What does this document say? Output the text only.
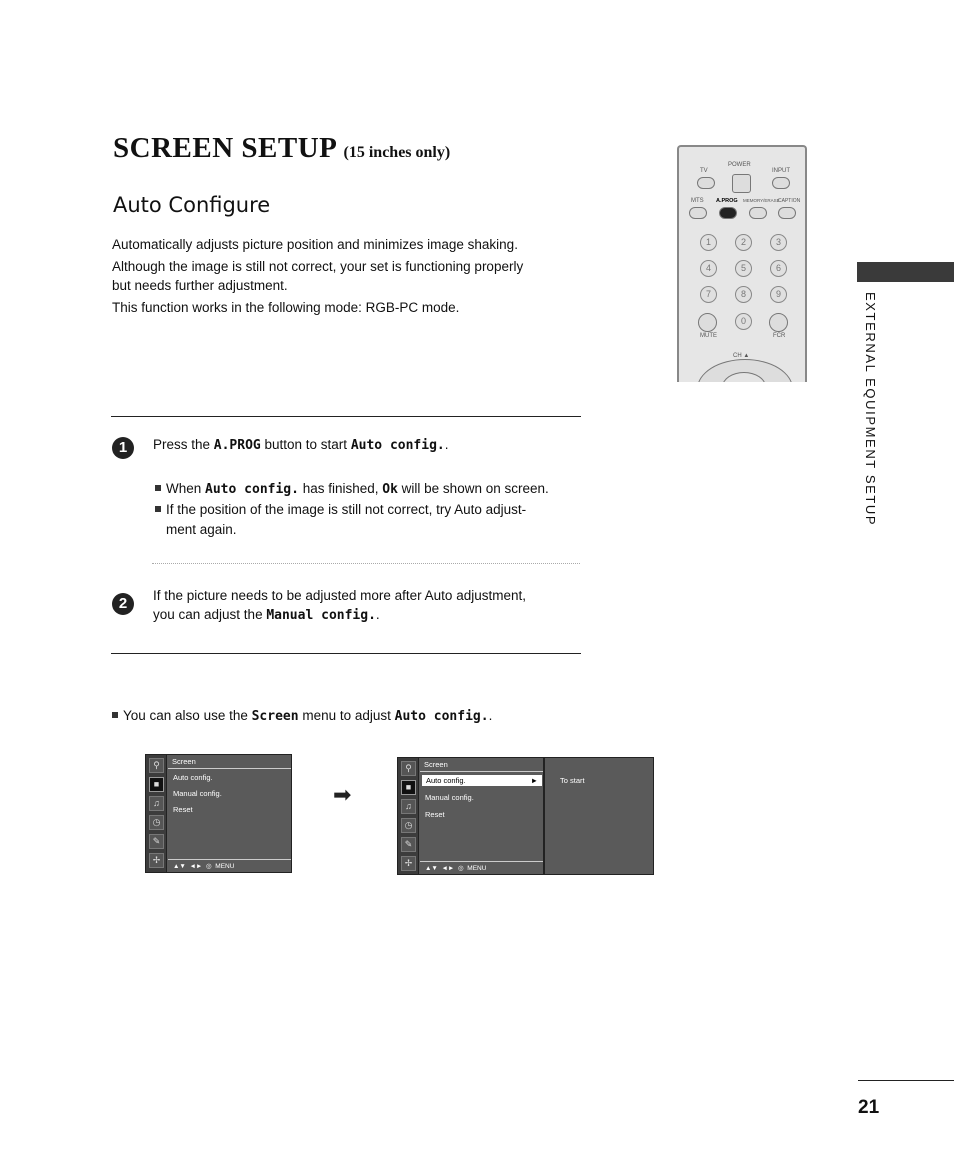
SCREEN SETUP (15 inches only)
Auto Configure
Automatically adjusts picture position and minimizes image shaking.
Although the image is still not correct, your set is functioning properly
but needs further adjustment.
This function works in the following mode: RGB-PC mode.
POWER
TV	INPUT
MTS A.PROG MEMORY/ERASE
CAPTION
1	2	3
4	5	6
7	8	9
0
MUTE	FCR
CH ▲	EXTERNAL EQUIPMENT SETUP
1	Press the A.PROG button to start Auto config..
When Auto config. has finished, Ok will be shown on screen.
If the position of the image is still not correct, try Auto adjust-
ment again.
2	If the picture needs to be adjusted more after Auto adjustment,
you can adjust the Manual config..
You can also use the Screen menu to adjust Auto config..
⚲
■
♫
◷
✎
✢
Screen
Auto config.
Manual config.
Reset
▲▼ ◄►  ◎  MENU
➡
⚲
■
♫
◷
✎
✢
Screen
Auto config.	►
Manual config.
Reset
▲▼ ◄►  ◎  MENU
To start
21
